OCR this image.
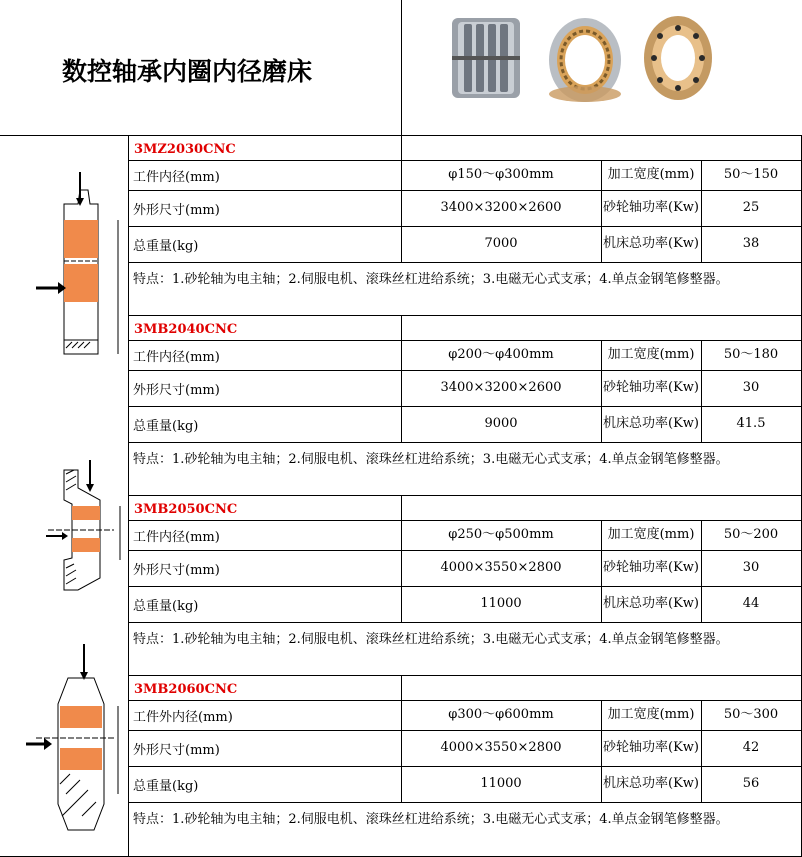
数控轴承内圈内径磨床
3MZ2030CNC
工件内径(mm)	φ150～φ300mm	加工宽度(mm)	50～150
外形尺寸(mm)	3400×3200×2600	砂轮轴功率(Kw)	25
总重量(kg)	7000	机床总功率(Kw)	38
特点：1.砂轮轴为电主轴；2.伺服电机、滚珠丝杠进给系统；3.电磁无心式支承；4.单点金钢笔修整器。
3MB2040CNC
工件内径(mm)	φ200～φ400mm	加工宽度(mm)	50～180
外形尺寸(mm)	3400×3200×2600	砂轮轴功率(Kw)	30
总重量(kg)	9000	机床总功率(Kw)	41.5
特点：1.砂轮轴为电主轴；2.伺服电机、滚珠丝杠进给系统；3.电磁无心式支承；4.单点金钢笔修整器。
3MB2050CNC
工件内径(mm)	φ250～φ500mm	加工宽度(mm)	50～200
外形尺寸(mm)	4000×3550×2800	砂轮轴功率(Kw)	30
总重量(kg)	11000	机床总功率(Kw)	44
特点：1.砂轮轴为电主轴；2.伺服电机、滚珠丝杠进给系统；3.电磁无心式支承；4.单点金钢笔修整器。
3MB2060CNC
工件外内径(mm)	φ300～φ600mm	加工宽度(mm)	50～300
外形尺寸(mm)	4000×3550×2800	砂轮轴功率(Kw)	42
总重量(kg)	11000	机床总功率(Kw)	56
特点：1.砂轮轴为电主轴；2.伺服电机、滚珠丝杠进给系统；3.电磁无心式支承；4.单点金钢笔修整器。
